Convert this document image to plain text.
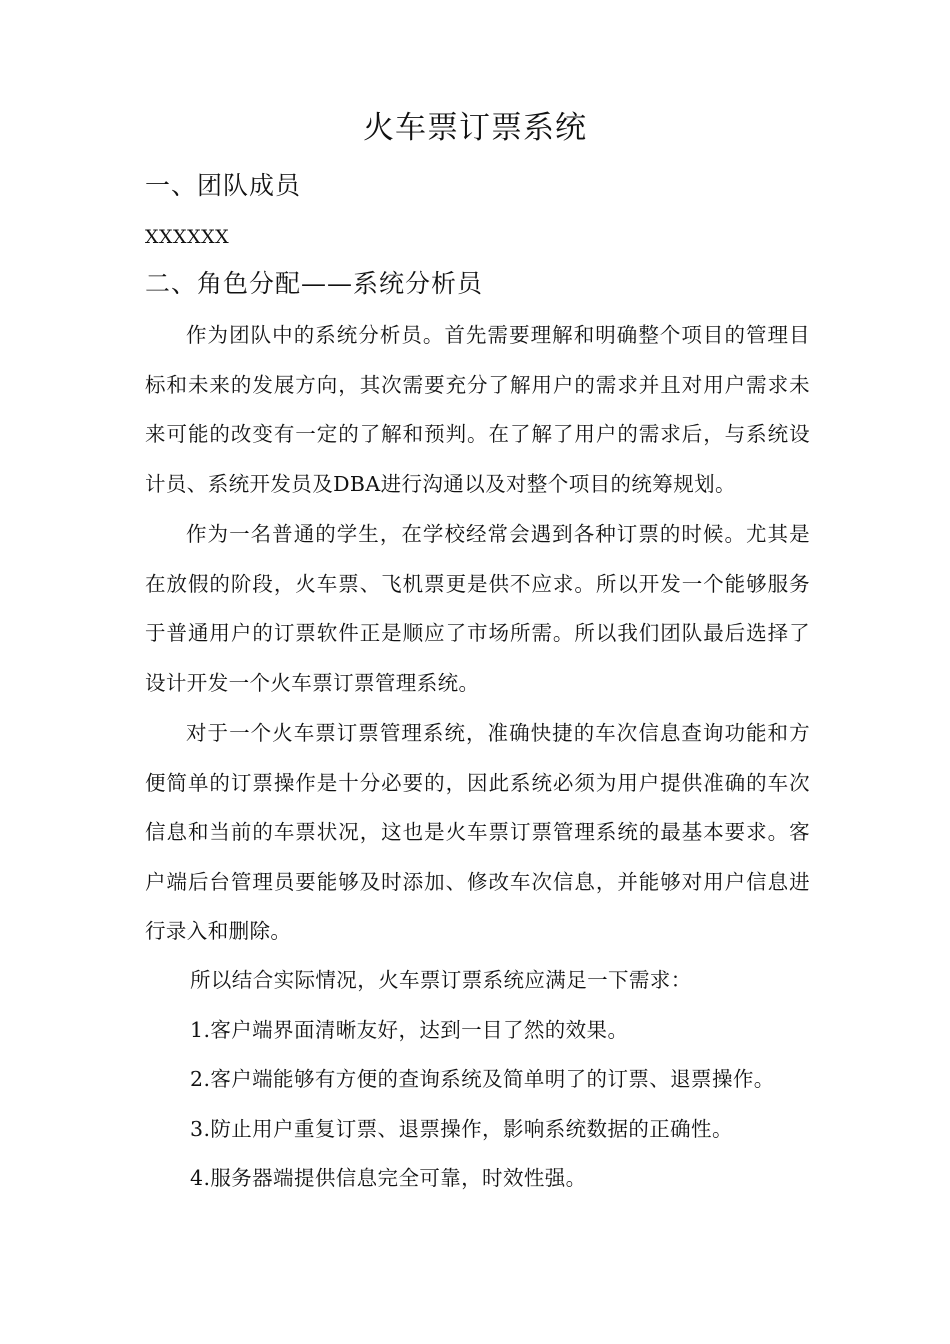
火车票订票系统
一、团队成员
XXXXXX
二、角色分配——系统分析员

作为团队中的系统分析员。首先需要理解和明确整个项目的管理目标和未来的发展方向，其次需要充分了解用户的需求并且对用户需求未来可能的改变有一定的了解和预判。在了解了用户的需求后，与系统设计员、系统开发员及DBA进行沟通以及对整个项目的统筹规划。

作为一名普通的学生，在学校经常会遇到各种订票的时候。尤其是在放假的阶段，火车票、飞机票更是供不应求。所以开发一个能够服务于普通用户的订票软件正是顺应了市场所需。所以我们团队最后选择了设计开发一个火车票订票管理系统。

对于一个火车票订票管理系统，准确快捷的车次信息查询功能和方便简单的订票操作是十分必要的，因此系统必须为用户提供准确的车次信息和当前的车票状况，这也是火车票订票管理系统的最基本要求。客户端后台管理员要能够及时添加、修改车次信息，并能够对用户信息进行录入和删除。

所以结合实际情况，火车票订票系统应满足一下需求：
1.客户端界面清晰友好，达到一目了然的效果。
2.客户端能够有方便的查询系统及简单明了的订票、退票操作。
3.防止用户重复订票、退票操作，影响系统数据的正确性。
4.服务器端提供信息完全可靠，时效性强。
